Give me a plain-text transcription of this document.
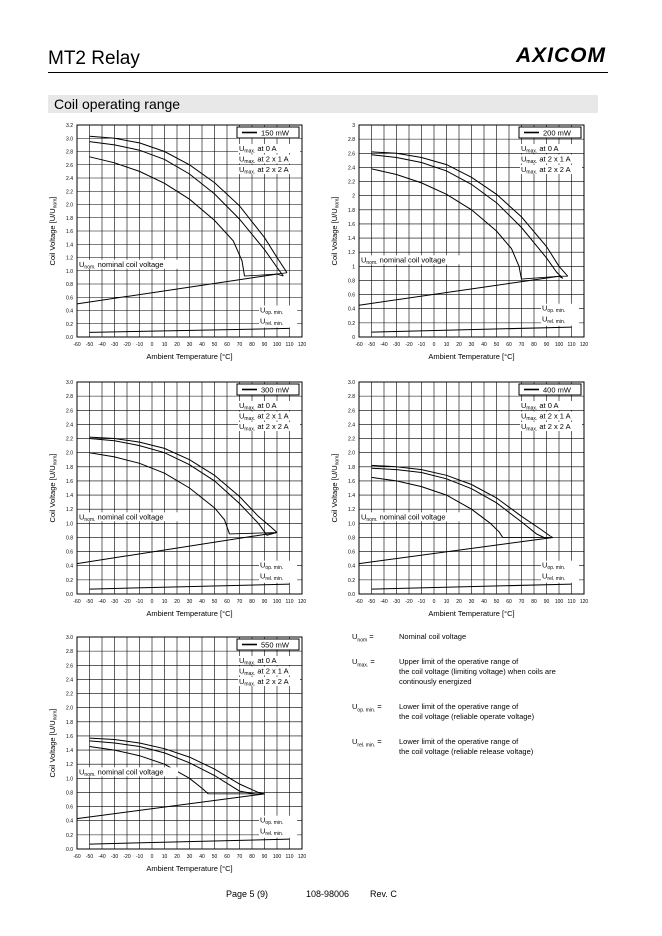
MT2 Relay	AXICOM
Coil operating range
0.0
0.2
0.4
0.6
0.8
1.0
1.2
1.4
1.6
1.8
2.0
2.2
2.4
2.6
2.8
3.0
3.2
-60 -50 -40 -30 -20 -10 0 10 20 30 40 50 60 70 80 90 100 110 120
Ambient Temperature [°C]
Coil Voltage $[U/U_{nom}]$
150 mW
$U_{max.}$ at 0 A
$U_{max.}$ at 2 x 1 A
$U_{max.}$ at 2 x 2 A
$U_{nom.}$ nominal coil voltage
$U_{op. min.}$
$U_{rel. min.}$
0
0.2
0.4
0.6
0.8
1
1.2
1.4
1.6
1.8
2
2.2
2.4
2.6
2.8
3
-60 -50 -40 -30 -20 -10 0 10 20 30 40 50 60 70 80 90 100 110 120
Ambient Temperature [°C]
Coil Voltage $[U/U_{nom}]$
200 mW
$U_{max.}$ at 0 A
$U_{max.}$ at 2 x 1 A
$U_{max.}$ at 2 x 2 A
$U_{nom.}$ nominal coil voltage
$U_{op. min.}$
$U_{rel. min.}$
0.0
0.2
0.4
0.6
0.8
1.0
1.2
1.4
1.6
1.8
2.0
2.2
2.4
2.6
2.8
3.0
-60 -50 -40 -30 -20 -10 0 10 20 30 40 50 60 70 80 90 100 110 120
Ambient Temperature [°C]
Coil Voltage $[U/U_{nom}]$
300 mW
$U_{max.}$ at 0 A
$U_{max.}$ at 2 x 1 A
$U_{max.}$ at 2 x 2 A
$U_{nom.}$ nominal coil voltage
$U_{op. min.}$
$U_{rel. min.}$
0.0
0.2
0.4
0.6
0.8
1.0
1.2
1.4
1.6
1.8
2.0
2.2
2.4
2.6
2.8
3.0
-60 -50 -40 -30 -20 -10 0 10 20 30 40 50 60 70 80 90 100 110 120
Ambient Temperature [°C]
Coil Voltage $[U/U_{nom}]$
400 mW
$U_{max.}$ at 0 A
$U_{max.}$ at 2 x 1 A
$U_{max.}$ at 2 x 2 A
$U_{nom.}$ nominal coil voltage
$U_{op. min.}$
$U_{rel. min.}$
0.0
0.2
0.4
0.6
0.8
1.0
1.2
1.4
1.6
1.8
2.0
2.2
2.4
2.6
2.8
3.0
-60 -50 -40 -30 -20 -10 0 10 20 30 40 50 60 70 80 90 100 110 120
Ambient Temperature [°C]
Coil Voltage $[U/U_{nom}]$
550 mW
$U_{max.}$ at 0 A
$U_{max.}$ at 2 x 1 A
$U_{max.}$ at 2 x 2 A
$U_{nom.}$ nominal coil voltage
$U_{op. min.}$
$U_{rel. min.}$
$U_{nom}$ =	Nominal coil voltage
$U_{max.}$ =	Upper limit of the operative range of
the coil voltage (limiting voltage) when coils are
continously energized
$U_{op. min.}$ = Lower limit of the operative range of
the coil voltage (reliable operate voltage)
$U_{rel. min.}$ = Lower limit of the operative range of
the coil voltage (reliable release voltage)
Page 5 (9)	108-98006 Rev. C
